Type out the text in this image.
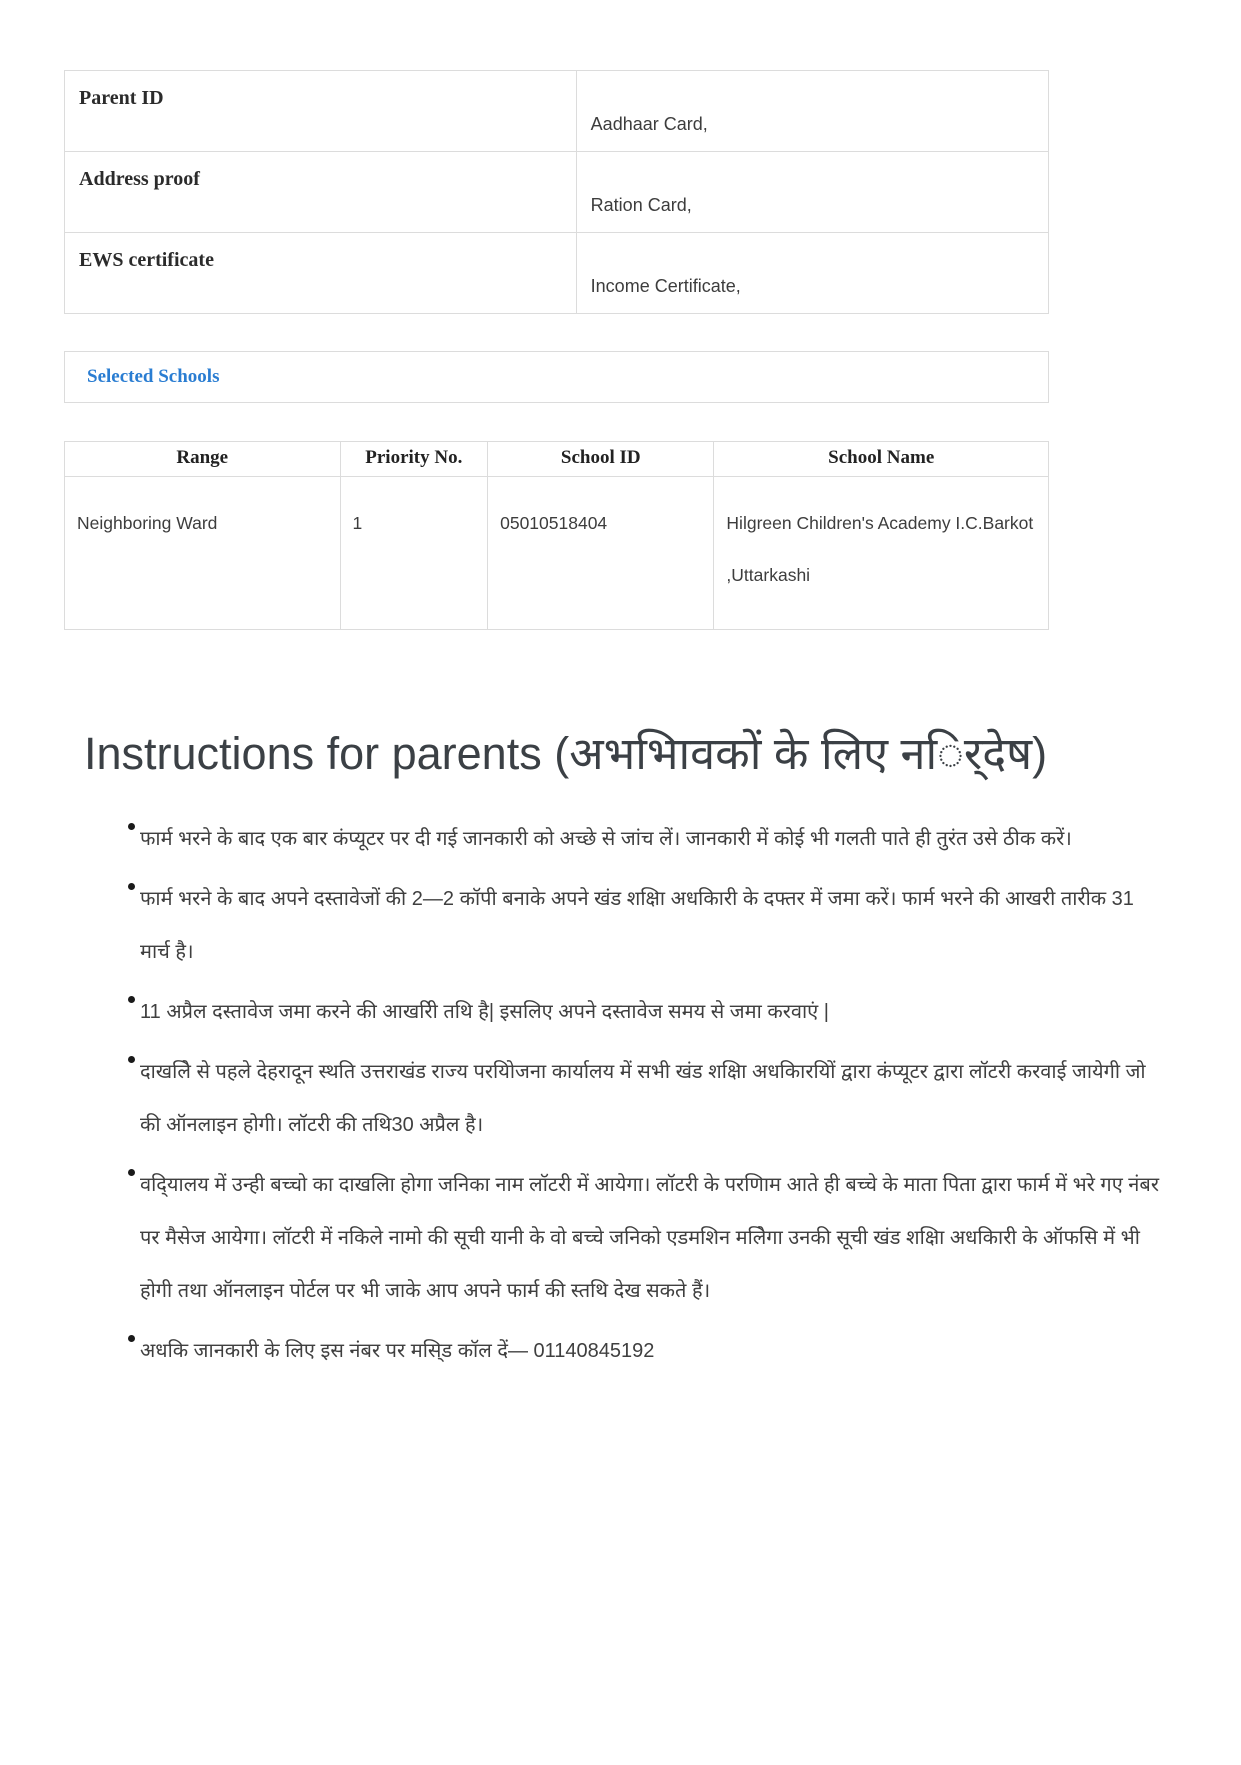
Parent ID	Aadhaar Card,
Address proof	Ration Card,
EWS certificate	Income Certificate,
Selected Schools
Range	Priority No.	School ID	School Name
Neighboring Ward	1	05010518404	Hilgreen Children's Academy I.C.Barkot ,Uttarkashi
Instructions for parents (अभभिावकों के लिए नर्िदेष)
फार्म भरने के बाद एक बार कंप्यूटर पर दी गई जानकारी को अच्छे से जांच लें। जानकारी में कोई भी गलती पाते ही तुरंत उसे ठीक करें।
फार्म भरने के बाद अपने दस्तावेजों की 2—2 कॉपी बनाके अपने खंड शक्षिा अधकिारी के दफ्तर में जमा करें। फार्म भरने की आखरी तारीक 31 मार्च है।
11 अप्रैल दस्तावेज जमा करने की आखरिी तथि है| इसलिए अपने दस्तावेज समय से जमा करवाएं |
दाखलिे से पहले देहरादून स्थति उत्तराखंड राज्य परयिोजना कार्यालय में सभी खंड शक्षिा अधकिारयिों द्वारा कंप्यूटर द्वारा लॉटरी करवाई जायेगी जो की ऑनलाइन होगी। लॉटरी की तथि30 अप्रैल है।
वदि्यालय में उन्ही बच्चो का दाखलिा होगा जनिका नाम लॉटरी में आयेगा। लॉटरी के परणिाम आते ही बच्चे के माता पिता द्वारा फार्म में भरे गए नंबर पर मैसेज आयेगा। लॉटरी में नकिले नामो की सूची यानी के वो बच्चे जनिको एडमशिन मलिेगा उनकी सूची खंड शक्षिा अधकिारी के ऑफसि में भी होगी तथा ऑनलाइन पोर्टल पर भी जाके आप अपने फार्म की स्तथि देख सकते हैं।
अधकि जानकारी के लिए इस नंबर पर मसि्ड कॉल दें— 01140845192
